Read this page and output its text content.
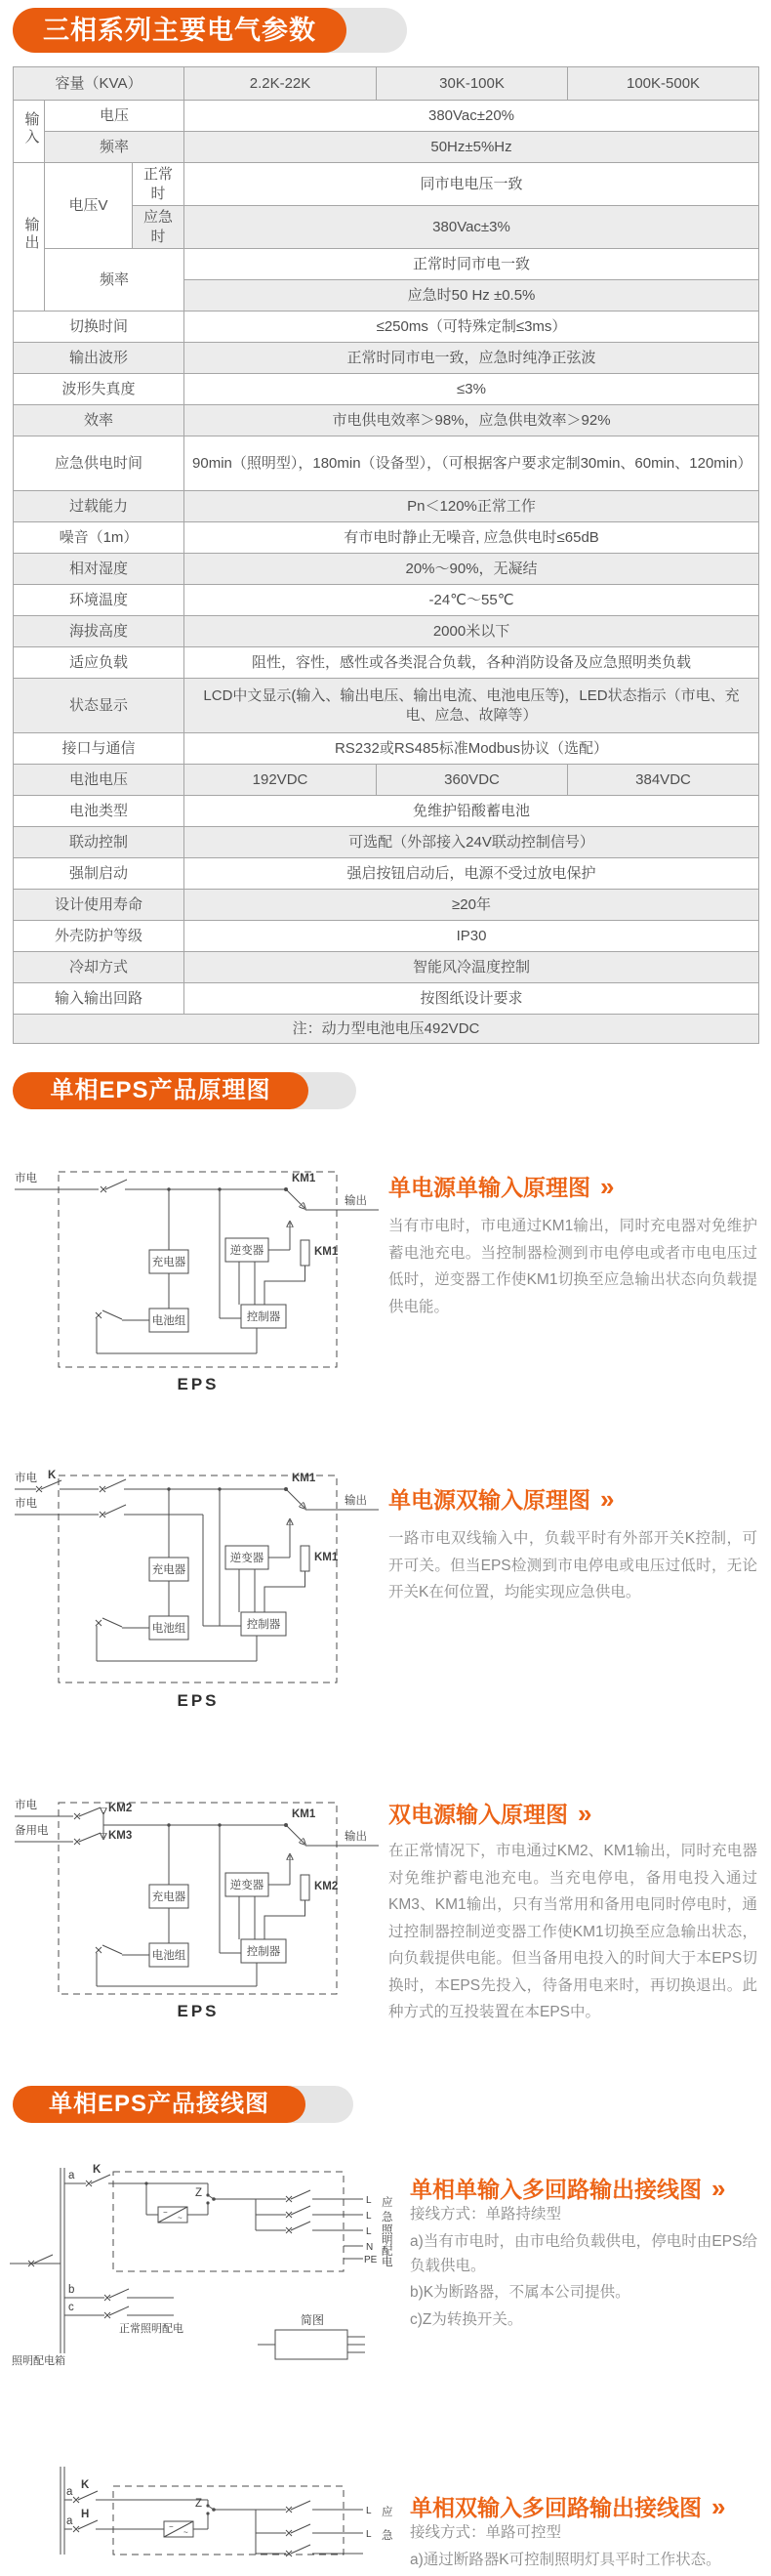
三相系列主要电气参数
容量（KVA）			2.2K-22K	30K-100K	100K-500K
输入	电压		380Vac±20%		
	频率		50Hz±5%Hz		
输出	电压V	正常时	同市电电压一致		
		应急时	380Vac±3%		
	频率		正常时同市电一致		
			应急时50 Hz ±0.5%		
切换时间			≤250ms（可特殊定制≤3ms）		
输出波形			正常时同市电一致，应急时纯净正弦波		
波形失真度			≤3%		
效率			市电供电效率＞98%，应急供电效率＞92%		
应急供电时间			90min（照明型），180min（设备型），（可根据客户要求定制30min、60min、120min）		
过载能力			Pn＜120%正常工作		
噪音（1m）			有市电时静止无噪音, 应急供电时≤65dB		
相对湿度			20%～90%，无凝结		
环境温度			-24℃～55℃		
海拔高度			2000米以下		
适应负载			阻性，容性，感性或各类混合负载，各种消防设备及应急照明类负载		
状态显示			LCD中文显示(输入、输出电压、输出电流、电池电压等)，LED状态指示（市电、充电、应急、故障等）		
接口与通信			RS232或RS485标准Modbus协议（选配）		
电池电压			192VDC	360VDC	384VDC
电池类型			免维护铅酸蓄电池		
联动控制			可选配（外部接入24V联动控制信号）		
强制启动			强启按钮启动后，电源不受过放电保护		
设计使用寿命			≥20年		
外壳防护等级			IP30		
冷却方式			智能风冷温度控制		
输入输出回路			按图纸设计要求		
注：动力型电池电压492VDC					
单相EPS产品原理图
市电	KM1
输出
充电器
电池组
逆变器
控制器
KM1
EPS
单电源单输入原理图 »
当有市电时，市电通过KM1输出，同时充电器对免维护蓄电池充电。当控制器检测到市电停电或者市电电压过低时，逆变器工作使KM1切换至应急输出状态向负载提供电能。
市电 K
市电
KM1
输出
充电器
电池组
逆变器
控制器
KM1
EPS
单电源双输入原理图 »
一路市电双线输入中，负载平时有外部开关K控制，可开可关。但当EPS检测到市电停电或电压过低时，无论开关K在何位置，均能实现应急供电。
市电	KM2
备用电	KM3
KM1
输出
充电器
电池组
逆变器
控制器
KM2
EPS
双电源输入原理图 »
在正常情况下，市电通过KM2、KM1输出，同时充电器对免维护蓄电池充电。当充电停电，备用电投入通过KM3、KM1输出，只有当常用和备用电同时停电时，通过控制器控制逆变器工作使KM1切换至应急输出状态，向负载提供电能。但当备用电投入的时间大于本EPS切换时，本EPS先投入，待备用电来时，再切换退出。此种方式的互投装置在本EPS中。
单相EPS产品接线图
照明配电箱
a K
−
~
Z
L
L
L
N
PE
应
急
照
明
配
电
b
c
正常照明配电
简图
单相单输入多回路输出接线图 »
接线方式：单路持续型
a)当有市电时，由市电给负载供电，停电时由EPS给负载供电。
b)K为断路器，不属本公司提供。
c)Z为转换开关。
a
K
a
H
−
~
Z
L
L
应
急
单相双输入多回路输出接线图 »
接线方式：单路可控型
a)通过断路器K可控制照明灯具平时工作状态。
